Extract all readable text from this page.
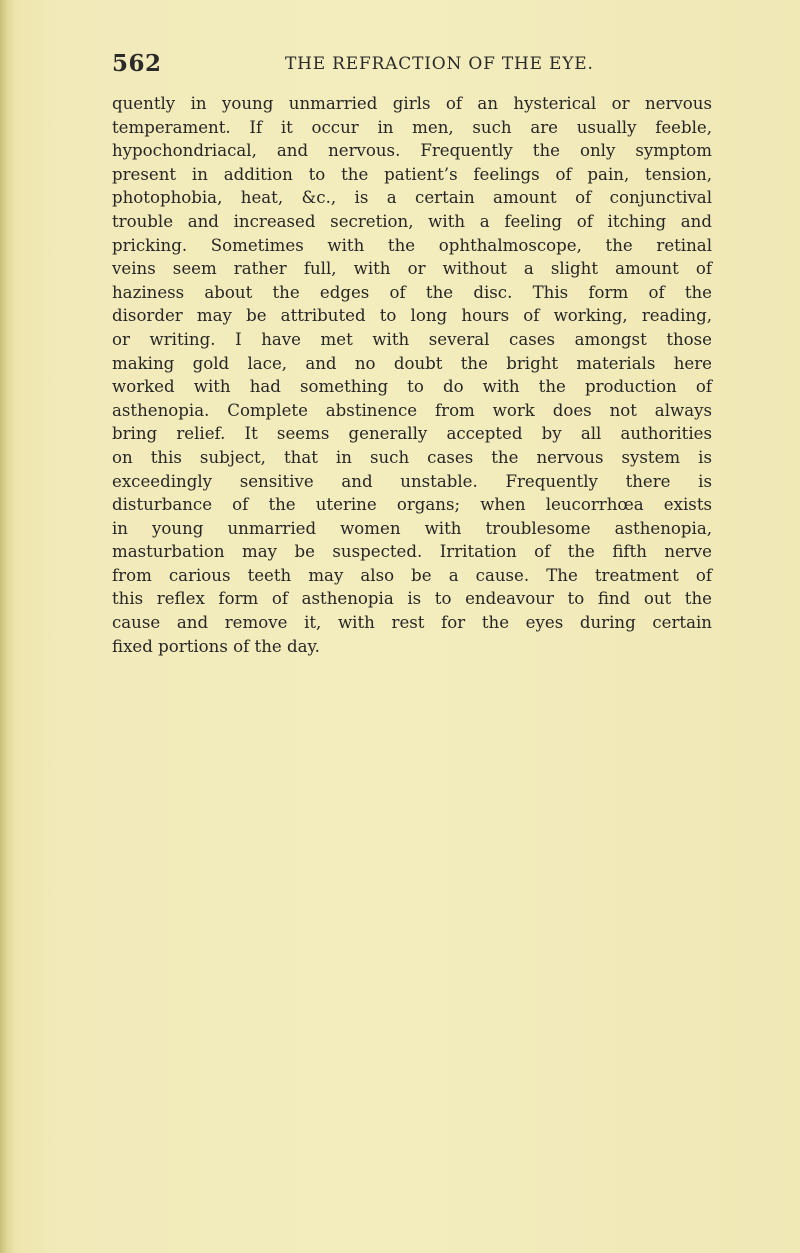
562	THE REFRACTION OF THE EYE.
quently in young unmarried girls of an hysterical or nervous
temperament. If it occur in men, such are usually feeble,
hypochondriacal, and nervous. Frequently the only symptom
present in addition to the patient’s feelings of pain, tension,
photophobia, heat, &c., is a certain amount of conjunctival
trouble and increased secretion, with a feeling of itching and
pricking. Sometimes with the ophthalmoscope, the retinal
veins seem rather full, with or without a slight amount of
haziness about the edges of the disc. This form of the
disorder may be attributed to long hours of working, reading,
or writing. I have met with several cases amongst those
making gold lace, and no doubt the bright materials here
worked with had something to do with the production of
asthenopia. Complete abstinence from work does not always
bring relief. It seems generally accepted by all authorities
on this subject, that in such cases the nervous system is
exceedingly sensitive and unstable. Frequently there is
disturbance of the uterine organs; when leucorrhœa exists
in young unmarried women with troublesome asthenopia,
masturbation may be suspected. Irritation of the fifth nerve
from carious teeth may also be a cause. The treatment of
this reflex form of asthenopia is to endeavour to find out the
cause and remove it, with rest for the eyes during certain
fixed portions of the day.
